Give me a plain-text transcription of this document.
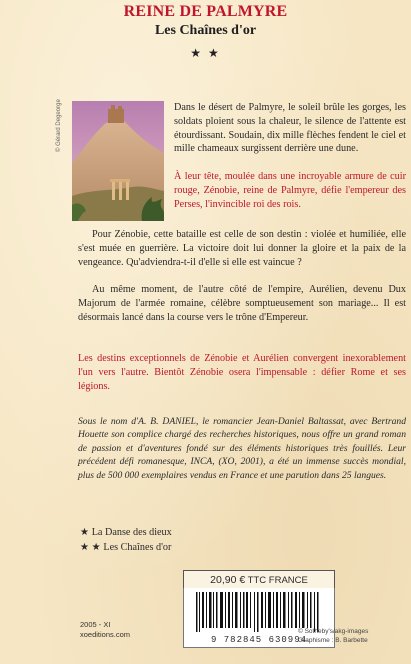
REINE DE PALMYRE
Les Chaînes d'or
★ ★
© Gérard Degeorge	Dans le désert de Palmyre, le soleil brûle les gorges, les soldats ploient sous la chaleur, le silence de l'attente est étourdissant. Soudain, dix mille flèches fendent le ciel et mille chameaux surgissent derrière une dune.
À leur tête, moulée dans une incroyable armure de cuir rouge, Zénobie, reine de Palmyre, défie l'empereur des Perses, l'invincible roi des rois.
Pour Zénobie, cette bataille est celle de son destin : violée et humiliée, elle s'est muée en guerrière. La victoire doit lui donner la gloire et la paix de la vengeance. Qu'adviendra-t-il d'elle si elle est vaincue ?
Au même moment, de l'autre côté de l'empire, Aurélien, devenu Dux Majorum de l'armée romaine, célèbre somptueusement son mariage... Il est désormais lancé dans la course vers le trône d'Empereur.
Les destins exceptionnels de Zénobie et Aurélien convergent inexorablement l'un vers l'autre. Bientôt Zénobie osera l'impensable : défier Rome et ses légions.
Sous le nom d'A. B. DANIEL, le romancier Jean-Daniel Baltassat, avec Bertrand Houette son complice chargé des recherches historiques, nous offre un grand roman de passion et d'aventures fondé sur des éléments historiques très fouillés. Leur précédent défi romanesque, INCA, (XO, 2001), a été un immense succès mondial, plus de 500 000 exemplaires vendus en France et une parution dans 25 langues.
★ La Danse des dieux
★ ★ Les Chaînes d'or
20,90 € TTC FRANCE
9 782845 630994
2005 - XI
xoeditions.com	© Sotheby's/akg-images
Graphisme : B. Barbette
